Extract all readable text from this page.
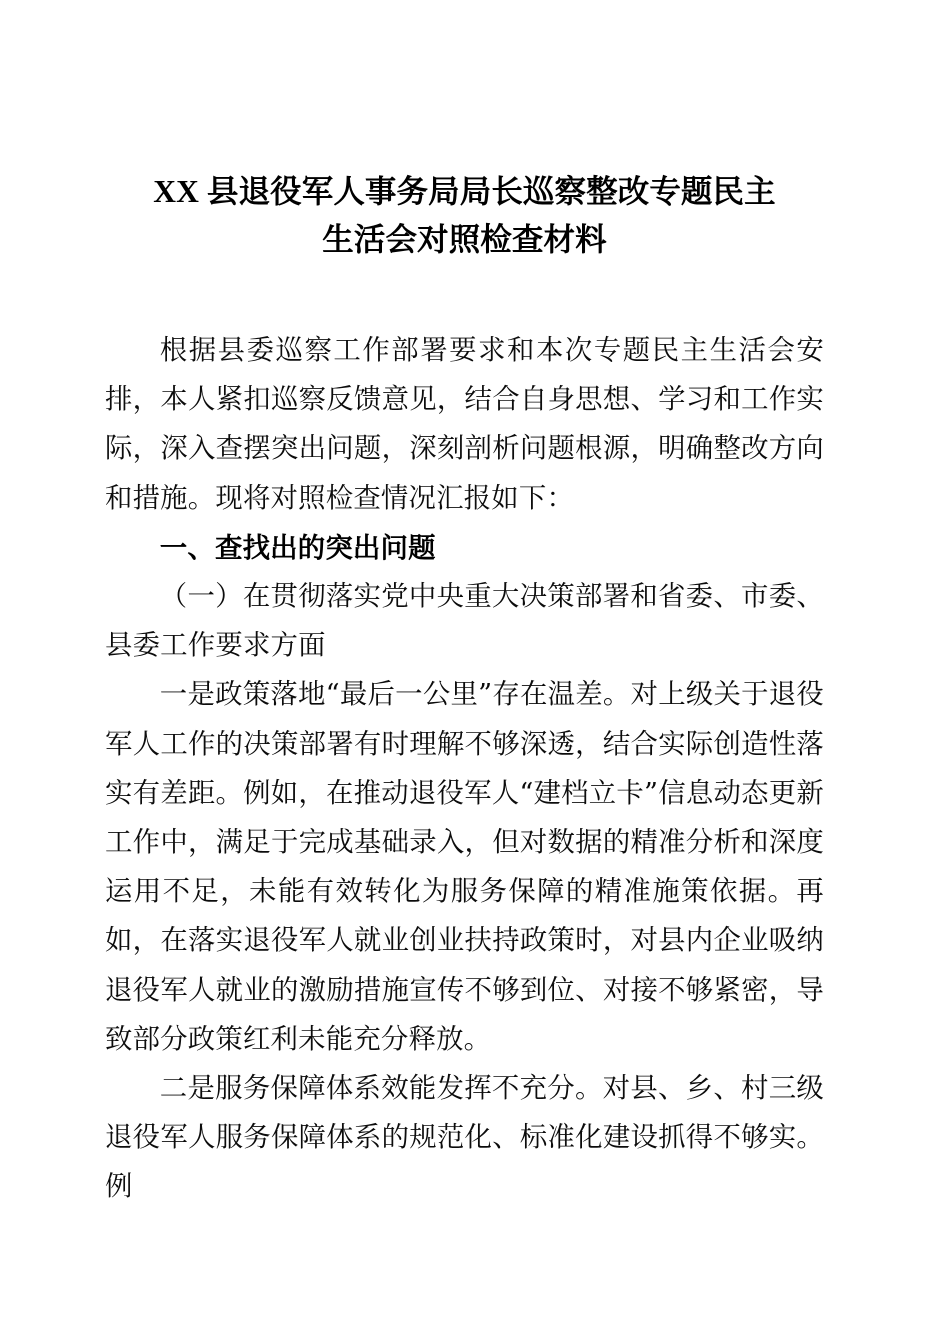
XX 县退役军人事务局局长巡察整改专题民主
生活会对照检查材料

根据县委巡察工作部署要求和本次专题民主生活会安排，本人紧扣巡察反馈意见，结合自身思想、学习和工作实际，深入查摆突出问题，深刻剖析问题根源，明确整改方向和措施。现将对照检查情况汇报如下：

一、查找出的突出问题

（一）在贯彻落实党中央重大决策部署和省委、市委、县委工作要求方面

一是政策落地“最后一公里”存在温差。对上级关于退役军人工作的决策部署有时理解不够深透，结合实际创造性落实有差距。例如，在推动退役军人“建档立卡”信息动态更新工作中，满足于完成基础录入，但对数据的精准分析和深度运用不足，未能有效转化为服务保障的精准施策依据。再如，在落实退役军人就业创业扶持政策时，对县内企业吸纳退役军人就业的激励措施宣传不够到位、对接不够紧密，导致部分政策红利未能充分释放。

二是服务保障体系效能发挥不充分。对县、乡、村三级退役军人服务保障体系的规范化、标准化建设抓得不够实。例
